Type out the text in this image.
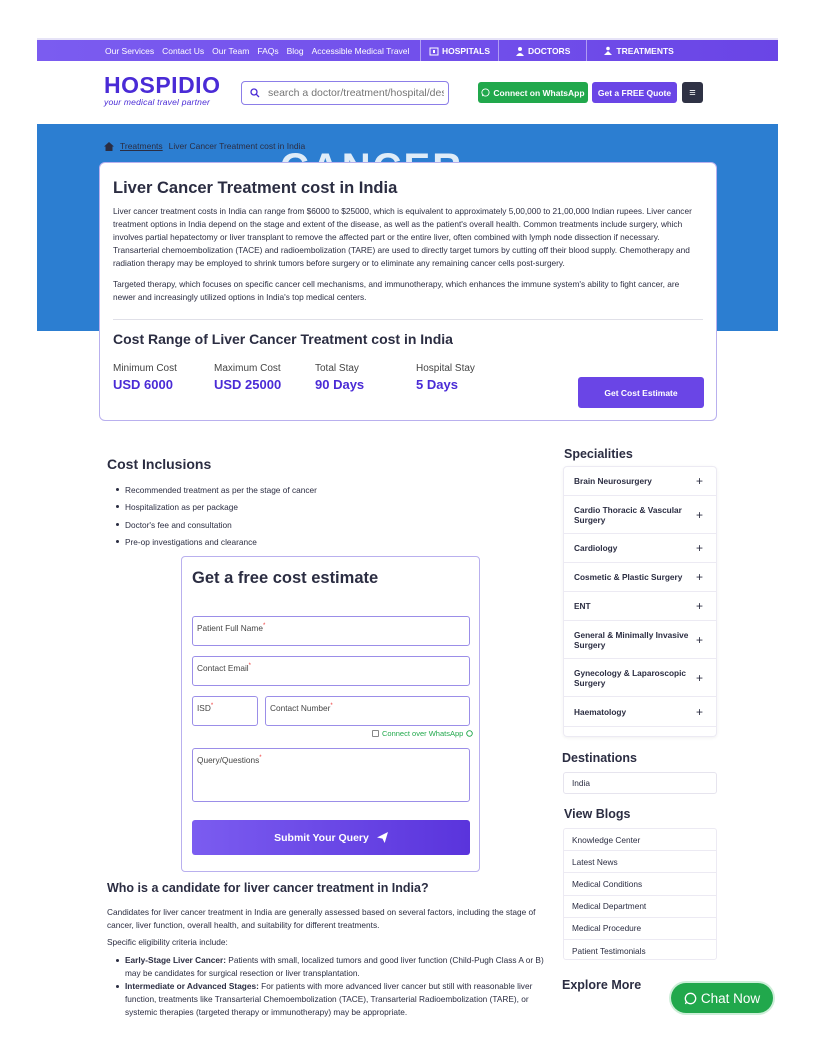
Our Services Contact Us Our Team FAQs Blog Accessible Medical Travel	HOSPITALS	DOCTORS	TREATMENTS
HOSPIDIO
your medical travel partner
search a doctor/treatment/hospital/destination
Connect on WhatsApp	Get a FREE Quote	≡
Treatments Liver Cancer Treatment cost in India
Liver Cancer Treatment cost in India

Liver cancer treatment costs in India can range from $6000 to $25000, which is equivalent to approximately 5,00,000 to 21,00,000 Indian rupees. Liver cancer treatment options in India depend on the stage and extent of the disease, as well as the patient's overall health. Common treatments include surgery, which involves partial hepatectomy or liver transplant to remove the affected part or the entire liver, often combined with lymph node dissection if necessary. Transarterial chemoembolization (TACE) and radioembolization (TARE) are used to directly target tumors by cutting off their blood supply. Chemotherapy and radiation therapy may be employed to shrink tumors before surgery or to eliminate any remaining cancer cells post-surgery.

Targeted therapy, which focuses on specific cancer cell mechanisms, and immunotherapy, which enhances the immune system's ability to fight cancer, are newer and increasingly utilized options in India's top medical centers.

Cost Range of Liver Cancer Treatment cost in India
Minimum Cost
USD 6000
Maximum Cost
USD 25000
Total Stay
90 Days
Hospital Stay
5 Days
Get Cost Estimate
Cost Inclusions
Recommended treatment as per the stage of cancer
Hospitalization as per package
Doctor's fee and consultation
Pre-op investigations and clearance
Get a free cost estimate
Patient Full Name*
Contact Email*
ISD*	Contact Number*
Connect over WhatsApp
Query/Questions*
Submit Your Query
Who is a candidate for liver cancer treatment in India?
Candidates for liver cancer treatment in India are generally assessed based on several factors, including the stage of cancer, liver function, overall health, and suitability for different treatments.
Specific eligibility criteria include:
Early-Stage Liver Cancer: Patients with small, localized tumors and good liver function (Child-Pugh Class A or B) may be candidates for surgical resection or liver transplantation.
Intermediate or Advanced Stages: For patients with more advanced liver cancer but still with reasonable liver function, treatments like Transarterial Chemoembolization (TACE), Transarterial Radioembolization (TARE), or systemic therapies (targeted therapy or immunotherapy) may be appropriate.
Specialities
Brain Neurosurgery	+
Cardio Thoracic & Vascular Surgery	+
Cardiology	+
Cosmetic & Plastic Surgery	+
ENT	+
General & Minimally Invasive Surgery	+
Gynecology & Laparoscopic Surgery	+
Haematology	+
Destinations
India
View Blogs
Knowledge Center
Latest News
Medical Conditions
Medical Department
Medical Procedure
Patient Testimonials
Explore More
Chat Now
